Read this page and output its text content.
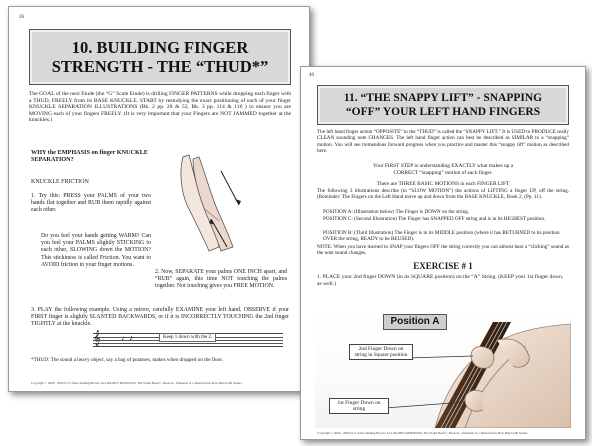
36
10. BUILDING FINGER
STRENGTH - THE “THUD*”
The GOAL of the next Etude (the “G” Scale Etude) is drilling FINGER PATTERNS while dropping each finger with a THUD, FREELY from its BASE KNUCKLE. START by restudying the exact positioning of each of your finger KNUCKLE SEPARATION ILLUSTRATIONS (Bk. 2 pp. 28 & 52, Bk. 3 pp. 114 & 116 ) to ensure you are MOVING each of your fingers FREELY. (It is very important that your Fingers are NOT JAMMED together at the knuckles.)
WHY the EMPHASIS on finger KNUCKLE SEPARATION?
KNUCKLE FRICTION
1. Try this: PRESS your PALMS of your two hands flat together and RUB them rapidly against each other.
Do you feel your hands getting WARM? Can you feel your PALMS slightly STICKING to each other, SLOWING down the MOTION? This stickiness is called Friction. You want to AVOID friction in your finger motions.
2. Now, SEPARATE your palms ONE INCH apart, and “RUB” again, this time NOT touching the palms together. Not touching gives you FREE MOTION.
3. PLAY the following example. Using a mirror, carefully EXAMINE your left hand. OBSERVE if your FIRST finger is slightly SLANTED BACKWARDS, or if it is INCORRECTLY TOUCHING the 2nd finger TIGHTLY at the knuckle.
𝄞	♩♪	Keep 1 down with the 2.
*THUD: The sound a heavy object, say a bag of potatoes, makes when dropped on the floor.
Copyright © 2009 - 2006 by S. Eden-Tanning Brown. ALL RIGHTS RESERVED. The Violin Book®, Book 4a - Elements of a Tension-Free Bow Hand with Sonata
40
11. “THE SNAPPY LIFT” - SNAPPING
“OFF” YOUR LEFT HAND FINGERS
The left hand finger action “OPPOSITE” to the “THUD” is called the “SNAPPY LIFT.” It is USED to PRODUCE really CLEAN sounding note CHANGES. The left hand finger action can best be described as SIMILAR to a “snapping” motion. You will see tremendous forward progress when you practice and master this “snappy lift” motion as described here.
Your FIRST STEP is understanding EXACTLY what makes up a
CORRECT “snapping” motion of each finger.
There are THREE BASIC MOTIONS in each FINGER LIFT
The following 3 illustrations describe (in “SLOW MOTION”) the actions of LIFTING a finger UP, off the string. (Reminder: The Fingers on the Left Hand move up and down from the BASE KNUCKLE, Book 2, (Pp. 11).
POSITION A: (Illustration below) The Finger is DOWN on the string.
POSITION C: (Second Illustration) The Finger has SNAPPED OFF string and is in its HIGHEST position.
POSITION B: (Third Illustration) The Finger is in its MIDDLE position (where it has RETURNED to its position OVER the string, READY to be REUSED).
NOTE: When you have learned to SNAP your fingers OFF the string correctly you can almost hear a “clicking” sound as the note sound changes.
EXERCISE # 1
1. PLACE your 2nd finger DOWN (in its SQUARE position) on the “A” String. (KEEP your 1st finger down, as well.)
Position A
2nd Finger Down on string in Square position
1st Finger Down on string
Copyright © 2009 - 2006 by S. Eden-Tanning Brown. ALL RIGHTS RESERVED. The Violin Book®, Book 4a - Elements of a Tension-Free Bow Hand with Sonata
